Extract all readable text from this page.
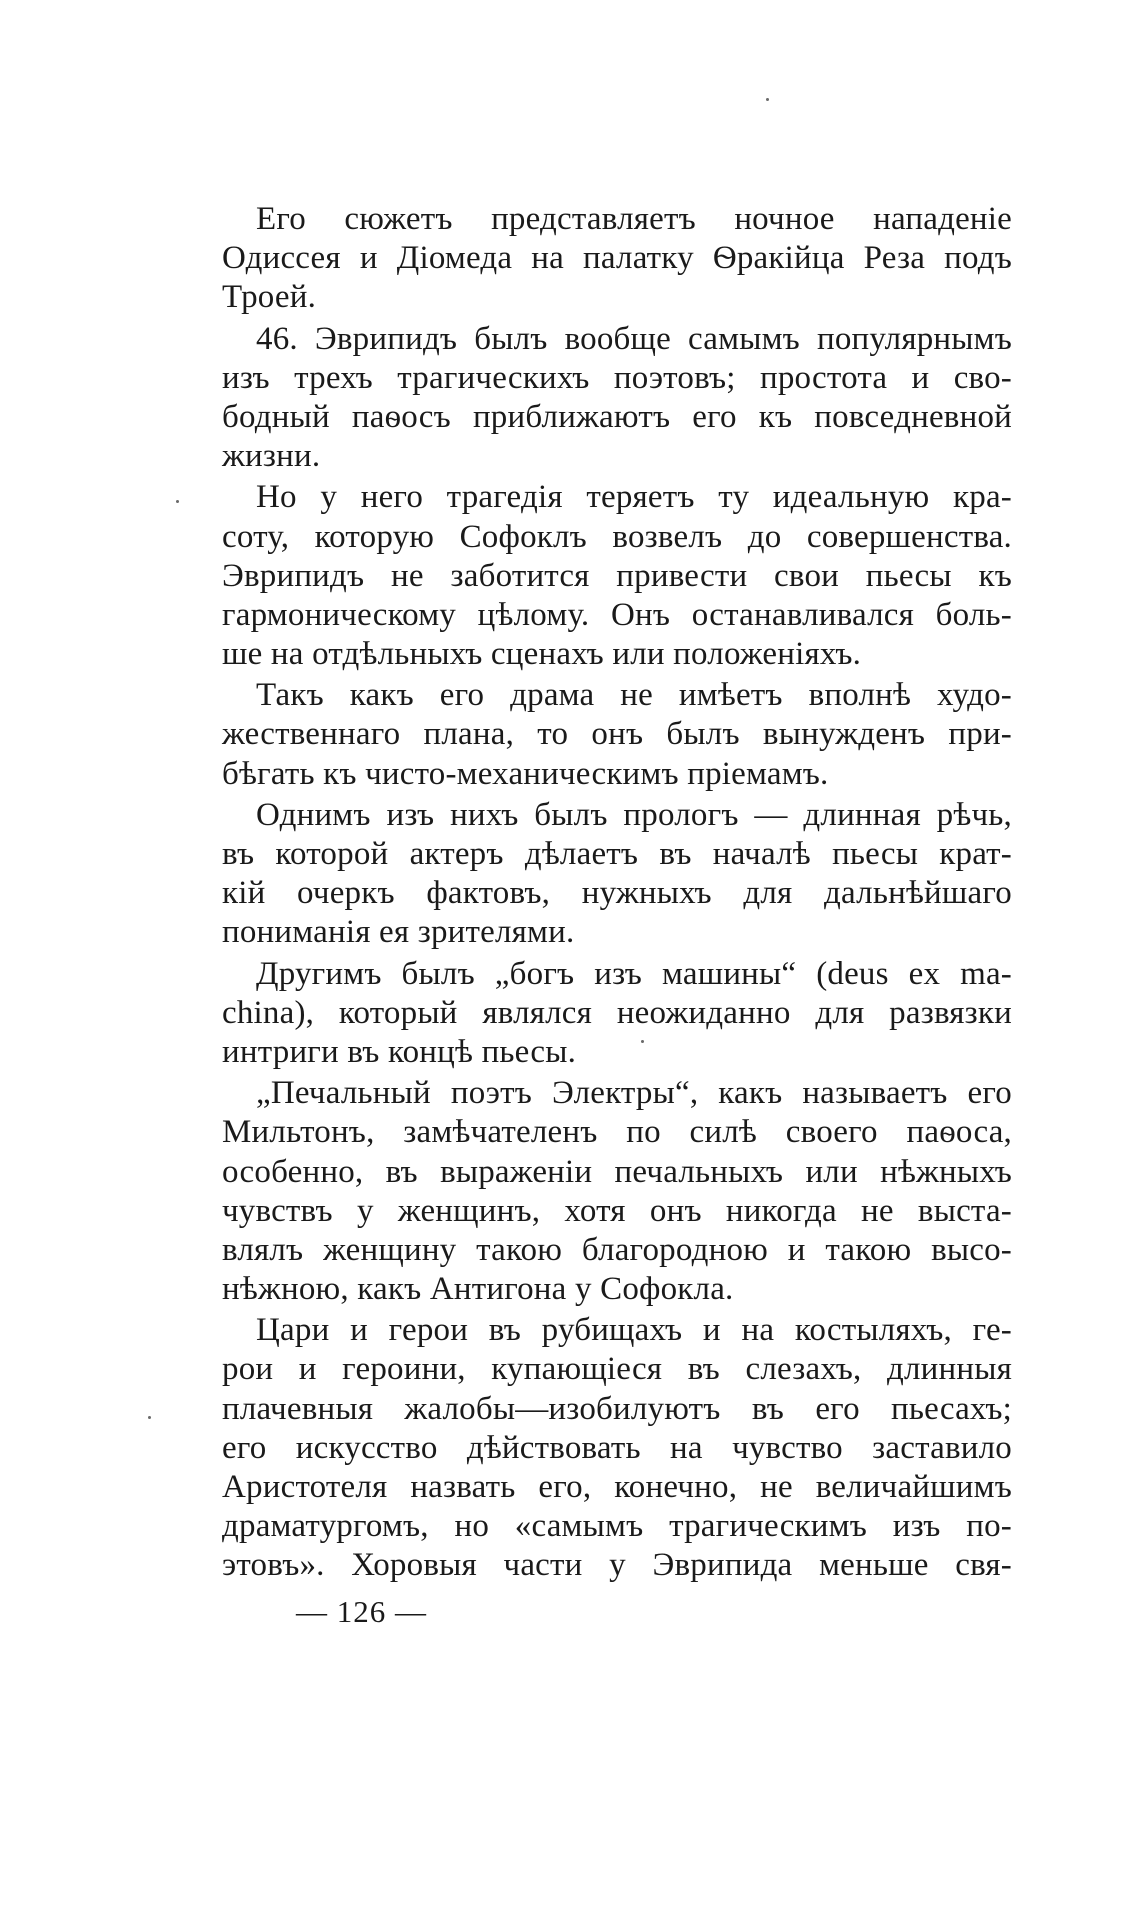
Его сюжетъ представляетъ ночное нападеніе
Одиссея и Діомеда на палатку Ѳракійца Реза подъ
Троей.
46. Эврипидъ былъ вообще самымъ популярнымъ
изъ трехъ трагическихъ поэтовъ; простота и сво-
бодный паѳосъ приближаютъ его къ повседневной
жизни.
Но у него трагедія теряетъ ту идеальную кра-
соту, которую Софоклъ возвелъ до совершенства.
Эврипидъ не заботится привести свои пьесы къ
гармоническому цѣлому. Онъ останавливался боль-
ше на отдѣльныхъ сценахъ или положеніяхъ.
Такъ какъ его драма не имѣетъ вполнѣ худо-
жественнаго плана, то онъ былъ вынужденъ при-
бѣгать къ чисто-механическимъ пріемамъ.
Однимъ изъ нихъ былъ прологъ — длинная рѣчь,
въ которой актеръ дѣлаетъ въ началѣ пьесы крат-
кій очеркъ фактовъ, нужныхъ для дальнѣйшаго
пониманія ея зрителями.
Другимъ былъ „богъ изъ машины“ (deus ex ma-
china), который являлся неожиданно для развязки
интриги въ концѣ пьесы.
„Печальный поэтъ Электры“, какъ называетъ его
Мильтонъ, замѣчателенъ по силѣ своего паѳоса,
особенно, въ выраженіи печальныхъ или нѣжныхъ
чувствъ у женщинъ, хотя онъ никогда не выста-
влялъ женщину такою благородною и такою высо-
нѣжною, какъ Антигона у Софокла.
Цари и герои въ рубищахъ и на костыляхъ, ге-
рои и героини, купающіеся въ слезахъ, длинныя
плачевныя жалобы—изобилуютъ въ его пьесахъ;
его искусство дѣйствовать на чувство заставило
Аристотеля назвать его, конечно, не величайшимъ
драматургомъ, но «самымъ трагическимъ изъ по-
этовъ». Хоровыя части у Эврипида меньше свя-
— 126 —
